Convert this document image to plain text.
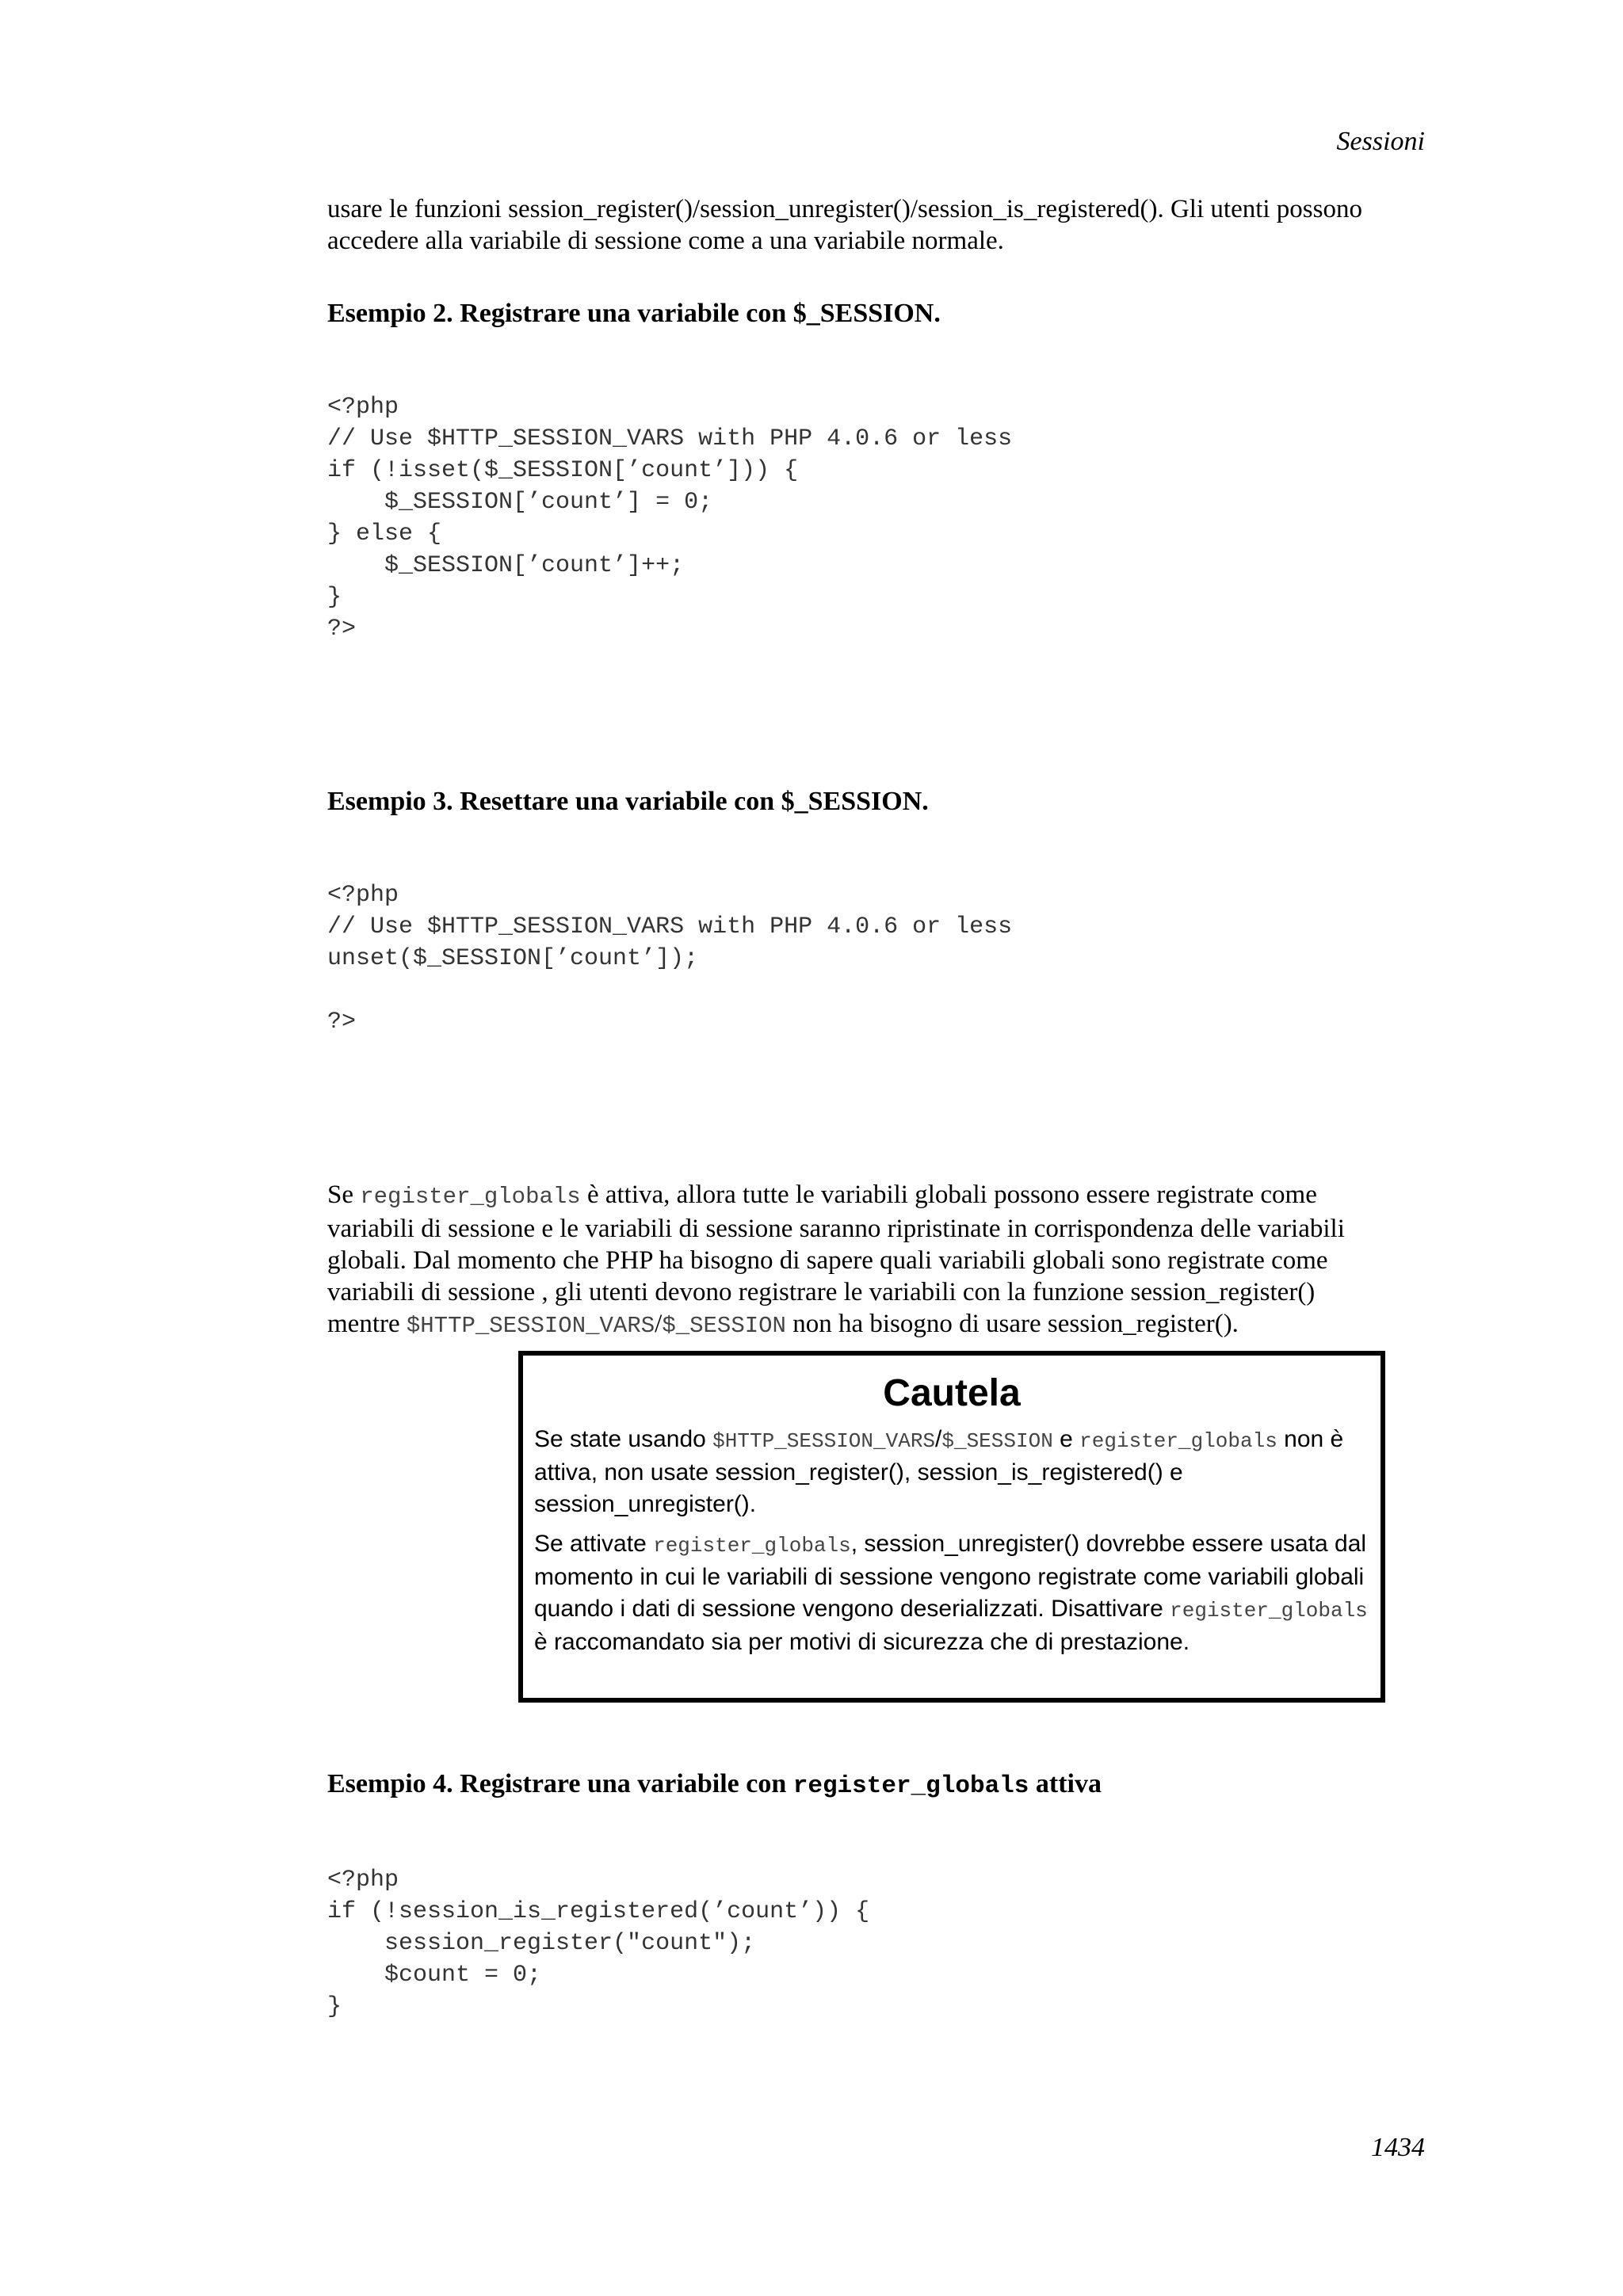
Sessioni

usare le funzioni session_register()/session_unregister()/session_is_registered(). Gli utenti possono
accedere alla variabile di sessione come a una variabile normale.

Esempio 2. Registrare una variabile con $_SESSION.

<?php
// Use $HTTP_SESSION_VARS with PHP 4.0.6 or less
if (!isset($_SESSION[’count’])) {
$_SESSION[’count’] = 0;
} else {
$_SESSION[’count’]++;
}
?>

Esempio 3. Resettare una variabile con $_SESSION.

<?php
// Use $HTTP_SESSION_VARS with PHP 4.0.6 or less
unset($_SESSION[’count’]);

?>

Se register_globals è attiva, allora tutte le variabili globali possono essere registrate come
variabili di sessione e le variabili di sessione saranno ripristinate in corrispondenza delle variabili
globali. Dal momento che PHP ha bisogno di sapere quali variabili globali sono registrate come
variabili di sessione , gli utenti devono registrare le variabili con la funzione session_register()
mentre $HTTP_SESSION_VARS/$_SESSION non ha bisogno di usare session_register().

Cautela

Se state usando $HTTP_SESSION_VARS/$_SESSION e register_globals non è attiva, non usate session_register(), session_is_registered() e session_unregister().

Se attivate register_globals, session_unregister() dovrebbe essere usata dal momento in cui le variabili di sessione vengono registrate come variabili globali quando i dati di sessione vengono deserializzati. Disattivare register_globals è raccomandato sia per motivi di sicurezza che di prestazione.

Esempio 4. Registrare una variabile con register_globals attiva

<?php
if (!session_is_registered(’count’)) {
session_register("count");
$count = 0;
}
1434
